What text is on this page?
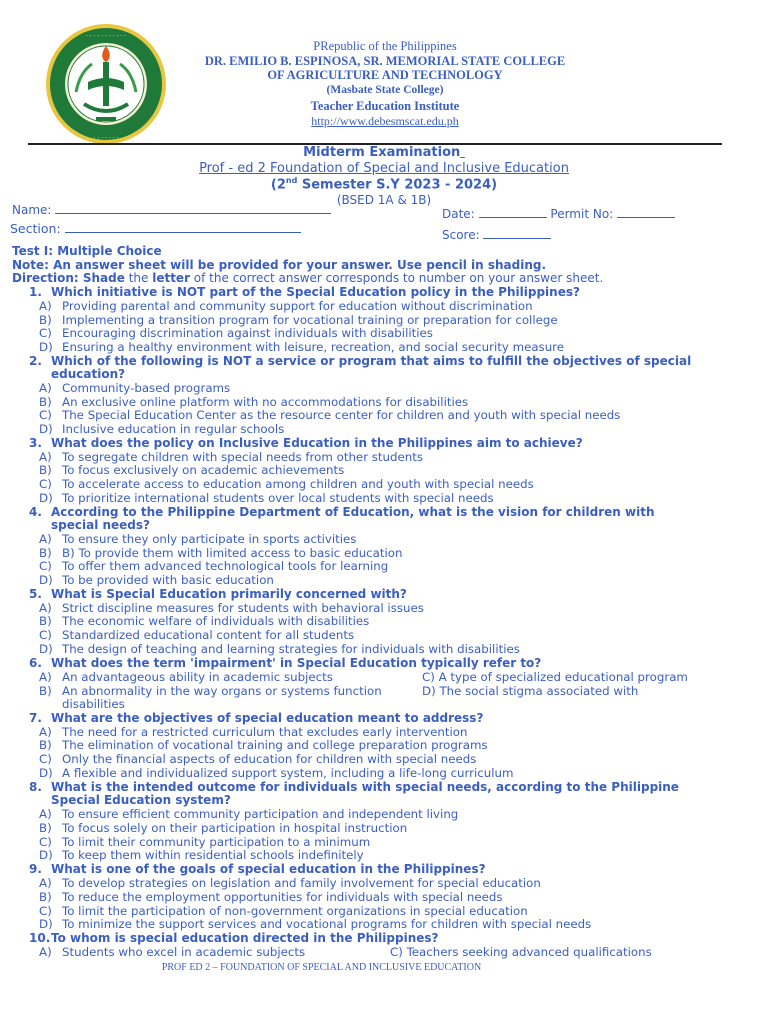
. . . . . . . . . . .
. . . . . . .
PRepublic of the Philippines
DR. EMILIO B. ESPINOSA, SR. MEMORIAL STATE COLLEGE
OF AGRICULTURE AND TECHNOLOGY
(Masbate State College)
Teacher Education Institute
http://www.debesmscat.edu.ph
Midterm Examination
Prof - ed 2 Foundation of Special and Inclusive Education
(2nd Semester S.Y 2023 - 2024)
(BSED 1A & 1B)
Name:	Date:	Permit No:
Section:	Score:
Test I: Multiple Choice
Note: An answer sheet will be provided for your answer. Use pencil in shading.
Direction: Shade the letter of the correct answer corresponds to number on your answer sheet.
1. Which initiative is NOT part of the Special Education policy in the Philippines?
A) Providing parental and community support for education without discrimination
B) Implementing a transition program for vocational training or preparation for college
C) Encouraging discrimination against individuals with disabilities
D) Ensuring a healthy environment with leisure, recreation, and social security measure
2. Which of the following is NOT a service or program that aims to fulfill the objectives of special
education?
A) Community-based programs
B) An exclusive online platform with no accommodations for disabilities
C) The Special Education Center as the resource center for children and youth with special needs
D) Inclusive education in regular schools
3. What does the policy on Inclusive Education in the Philippines aim to achieve?
A) To segregate children with special needs from other students
B) To focus exclusively on academic achievements
C) To accelerate access to education among children and youth with special needs
D) To prioritize international students over local students with special needs
4. According to the Philippine Department of Education, what is the vision for children with
special needs?
A) To ensure they only participate in sports activities
B) B) To provide them with limited access to basic education
C) To offer them advanced technological tools for learning
D) To be provided with basic education
5. What is Special Education primarily concerned with?
A) Strict discipline measures for students with behavioral issues
B) The economic welfare of individuals with disabilities
C) Standardized educational content for all students
D) The design of teaching and learning strategies for individuals with disabilities
6. What does the term 'impairment' in Special Education typically refer to?
A) An advantageous ability in academic subjects	C) A type of specialized educational program
B) An abnormality in the way organs or systems function	D) The social stigma associated with
disabilities
7. What are the objectives of special education meant to address?
A) The need for a restricted curriculum that excludes early intervention
B) The elimination of vocational training and college preparation programs
C) Only the financial aspects of education for children with special needs
D) A flexible and individualized support system, including a life-long curriculum
8. What is the intended outcome for individuals with special needs, according to the Philippine
Special Education system?
A) To ensure efficient community participation and independent living
B) To focus solely on their participation in hospital instruction
C) To limit their community participation to a minimum
D) To keep them within residential schools indefinitely
9. What is one of the goals of special education in the Philippines?
A) To develop strategies on legislation and family involvement for special education
B) To reduce the employment opportunities for individuals with special needs
C) To limit the participation of non-government organizations in special education
D) To minimize the support services and vocational programs for children with special needs
10.To whom is special education directed in the Philippines?
A) Students who excel in academic subjects	C) Teachers seeking advanced qualifications
PROF ED 2 – FOUNDATION OF SPECIAL AND INCLUSIVE EDUCATION
